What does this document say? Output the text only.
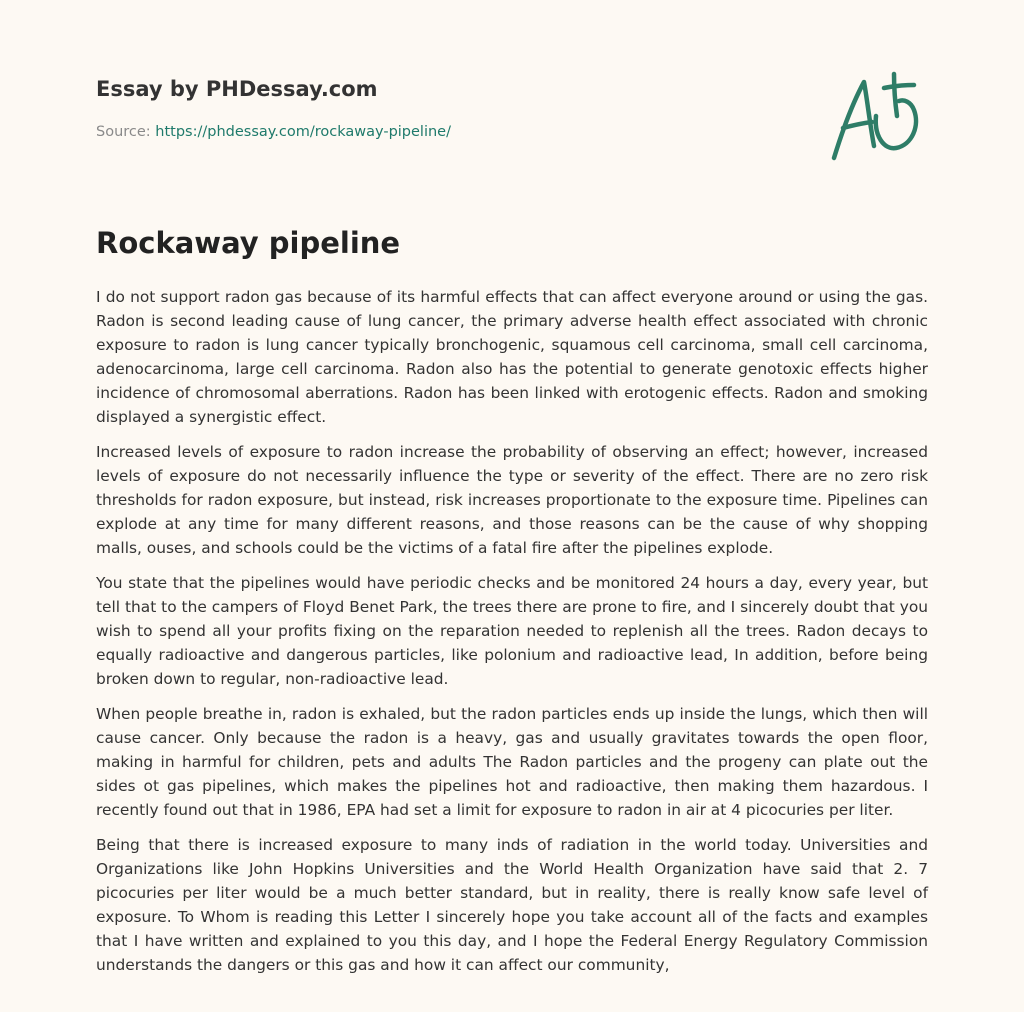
Essay by PHDessay.com
Source: https://phdessay.com/rockaway-pipeline/
Rockaway pipeline

I do not support radon gas because of its harmful effects that can affect everyone around or using the gas. Radon is second leading cause of lung cancer, the primary adverse health effect associated with chronic exposure to radon is lung cancer typically bronchogenic, squamous cell carcinoma, small cell carcinoma, adenocarcinoma, large cell carcinoma. Radon also has the potential to generate genotoxic effects higher incidence of chromosomal aberrations. Radon has been linked with erotogenic effects. Radon and smoking displayed a synergistic effect.

Increased levels of exposure to radon increase the probability of observing an effect; however, increased levels of exposure do not necessarily influence the type or severity of the effect. There are no zero risk thresholds for radon exposure, but instead, risk increases proportionate to the exposure time. Pipelines can explode at any time for many different reasons, and those reasons can be the cause of why shopping malls, ouses, and schools could be the victims of a fatal fire after the pipelines explode.

You state that the pipelines would have periodic checks and be monitored 24 hours a day, every year, but tell that to the campers of Floyd Benet Park, the trees there are prone to fire, and I sincerely doubt that you wish to spend all your profits fixing on the reparation needed to replenish all the trees. Radon decays to equally radioactive and dangerous particles, like polonium and radioactive lead, In addition, before being broken down to regular, non-radioactive lead.

When people breathe in, radon is exhaled, but the radon particles ends up inside the lungs, which then will cause cancer. Only because the radon is a heavy, gas and usually gravitates towards the open floor, making in harmful for children, pets and adults The Radon particles and the progeny can plate out the sides ot gas pipelines, which makes the pipelines hot and radioactive, then making them hazardous. I recently found out that in 1986, EPA had set a limit for exposure to radon in air at 4 picocuries per liter.

Being that there is increased exposure to many inds of radiation in the world today. Universities and Organizations like John Hopkins Universities and the World Health Organization have said that 2. 7 picocuries per liter would be a much better standard, but in reality, there is really know safe level of exposure. To Whom is reading this Letter I sincerely hope you take account all of the facts and examples that I have written and explained to you this day, and I hope the Federal Energy Regulatory Commission understands the dangers or this gas and how it can affect our community,
